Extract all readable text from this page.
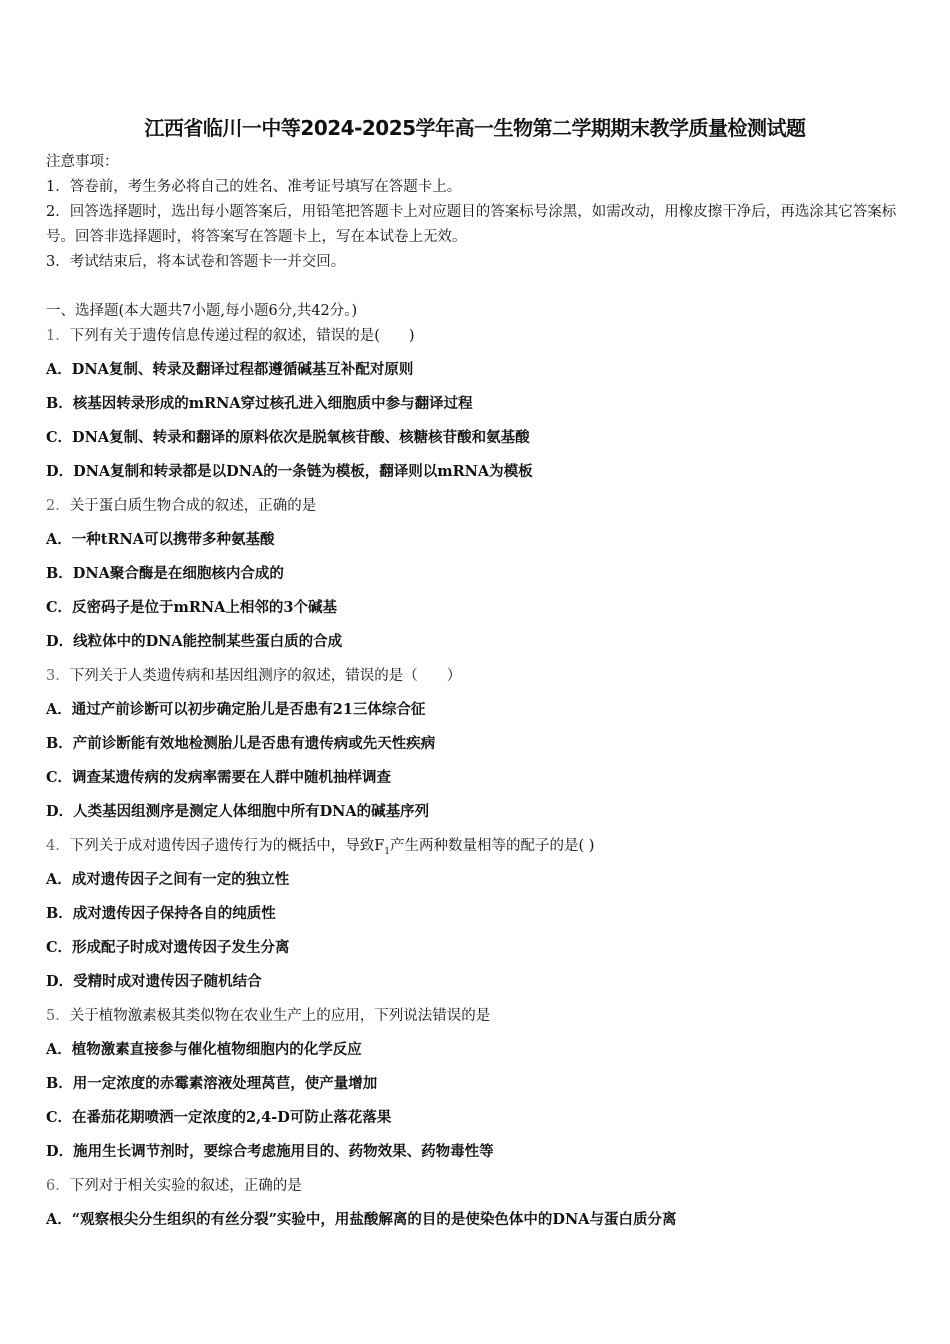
江西省临川一中等2024-2025学年高一生物第二学期期末教学质量检测试题

注意事项：

1．答卷前，考生务必将自己的姓名、准考证号填写在答题卡上。

2．回答选择题时，选出每小题答案后，用铅笔把答题卡上对应题目的答案标号涂黑，如需改动，用橡皮擦干净后，再选涂其它答案标号。回答非选择题时，将答案写在答题卡上，写在本试卷上无效。

3．考试结束后，将本试卷和答题卡一并交回。

一、选择题(本大题共7小题,每小题6分,共42分。)
1．下列有关于遗传信息传递过程的叙述，错误的是(　　)
A．DNA复制、转录及翻译过程都遵循碱基互补配对原则
B．核基因转录形成的mRNA穿过核孔进入细胞质中参与翻译过程
C．DNA复制、转录和翻译的原料依次是脱氧核苷酸、核糖核苷酸和氨基酸
D．DNA复制和转录都是以DNA的一条链为模板，翻译则以mRNA为模板
2．关于蛋白质生物合成的叙述，正确的是
A．一种tRNA可以携带多种氨基酸
B．DNA聚合酶是在细胞核内合成的
C．反密码子是位于mRNA上相邻的3个碱基
D．线粒体中的DNA能控制某些蛋白质的合成
3．下列关于人类遗传病和基因组测序的叙述，错误的是（　　）
A．通过产前诊断可以初步确定胎儿是否患有21三体综合征
B．产前诊断能有效地检测胎儿是否患有遗传病或先天性疾病
C．调查某遗传病的发病率需要在人群中随机抽样调查
D．人类基因组测序是测定人体细胞中所有DNA的碱基序列
4．下列关于成对遗传因子遗传行为的概括中，导致$F_1$产生两种数量相等的配子的是( )
A．成对遗传因子之间有一定的独立性
B．成对遗传因子保持各自的纯质性
C．形成配子时成对遗传因子发生分离
D．受精时成对遗传因子随机结合
5．关于植物激素极其类似物在农业生产上的应用，下列说法错误的是
A．植物激素直接参与催化植物细胞内的化学反应
B．用一定浓度的赤霉素溶液处理莴苣，使产量增加
C．在番茄花期喷洒一定浓度的2,4-D可防止落花落果
D．施用生长调节剂时，要综合考虑施用目的、药物效果、药物毒性等
6．下列对于相关实验的叙述，正确的是
A．“观察根尖分生组织的有丝分裂”实验中，用盐酸解离的目的是使染色体中的DNA与蛋白质分离
